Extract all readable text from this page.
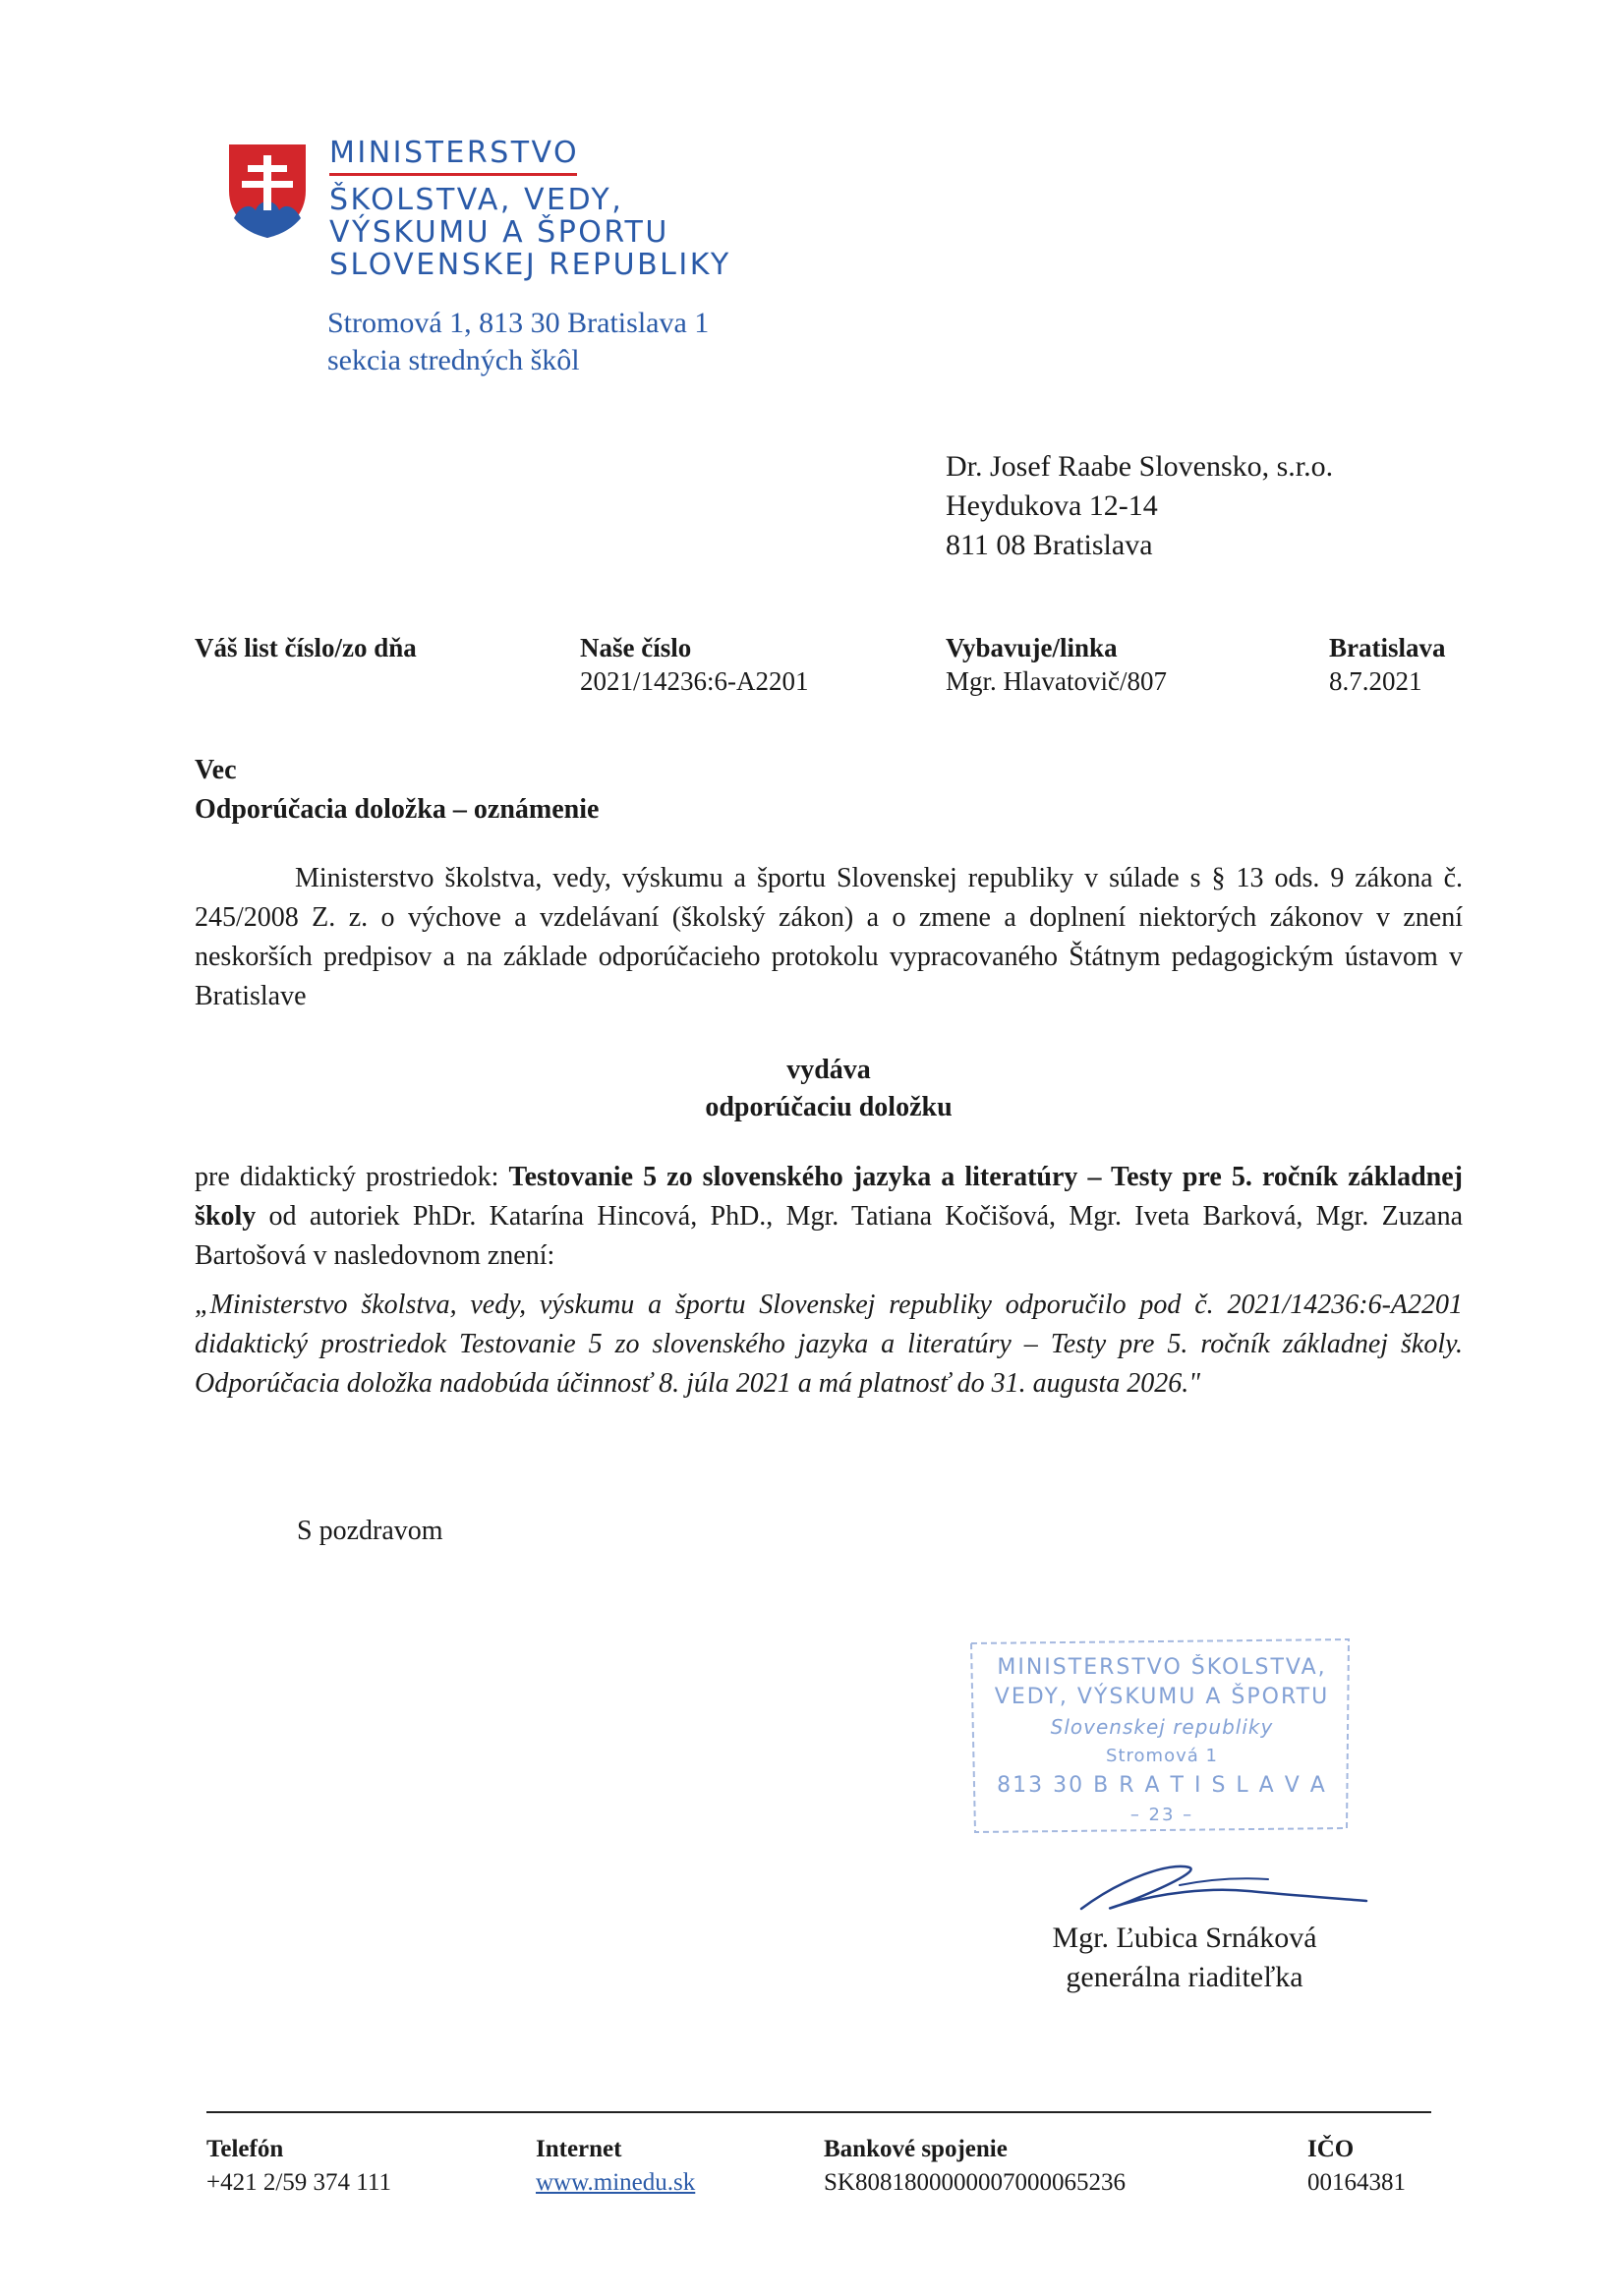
MINISTERSTVO
ŠKOLSTVA, VEDY,
VÝSKUMU A ŠPORTU
SLOVENSKEJ REPUBLIKY
Stromová 1, 813 30 Bratislava 1
sekcia stredných škôl
Dr. Josef Raabe Slovensko, s.r.o.
Heydukova 12-14
811 08 Bratislava
Váš list číslo/zo dňa	Naše číslo
2021/14236:6-A2201
Vybavuje/linka
Mgr. Hlavatovič/807
Bratislava
8.7.2021
Vec
Odporúčacia doložka – oznámenie
Ministerstvo školstva, vedy, výskumu a športu Slovenskej republiky v súlade s § 13 ods. 9 zákona č. 245/2008 Z. z. o výchove a vzdelávaní (školský zákon) a o zmene a doplnení niektorých zákonov v znení neskorších predpisov a na základe odporúčacieho protokolu vypracovaného Štátnym pedagogickým ústavom v Bratislave
vydáva
odporúčaciu doložku
pre didaktický prostriedok: Testovanie 5 zo slovenského jazyka a literatúry – Testy pre 5. ročník základnej školy od autoriek PhDr. Katarína Hincová, PhD., Mgr. Tatiana Kočišová, Mgr. Iveta Barková, Mgr. Zuzana Bartošová v nasledovnom znení:
„Ministerstvo školstva, vedy, výskumu a športu Slovenskej republiky odporučilo pod č. 2021/14236:6-A2201 didaktický prostriedok Testovanie 5 zo slovenského jazyka a literatúry – Testy pre 5. ročník základnej školy. Odporúčacia doložka nadobúda účinnosť 8. júla 2021 a má platnosť do 31. augusta 2026."
S pozdravom
MINISTERSTVO ŠKOLSTVA,
VEDY, VÝSKUMU A ŠPORTU
Slovenskej republiky
Stromová 1
813 30 B R A T I S L A V A
– 23 –
Mgr. Ľubica Srnáková
generálna riaditeľka
Telefón
+421 2/59 374 111
Internet
www.minedu.sk
Bankové spojenie
SK8081800000007000065236
IČO
00164381
